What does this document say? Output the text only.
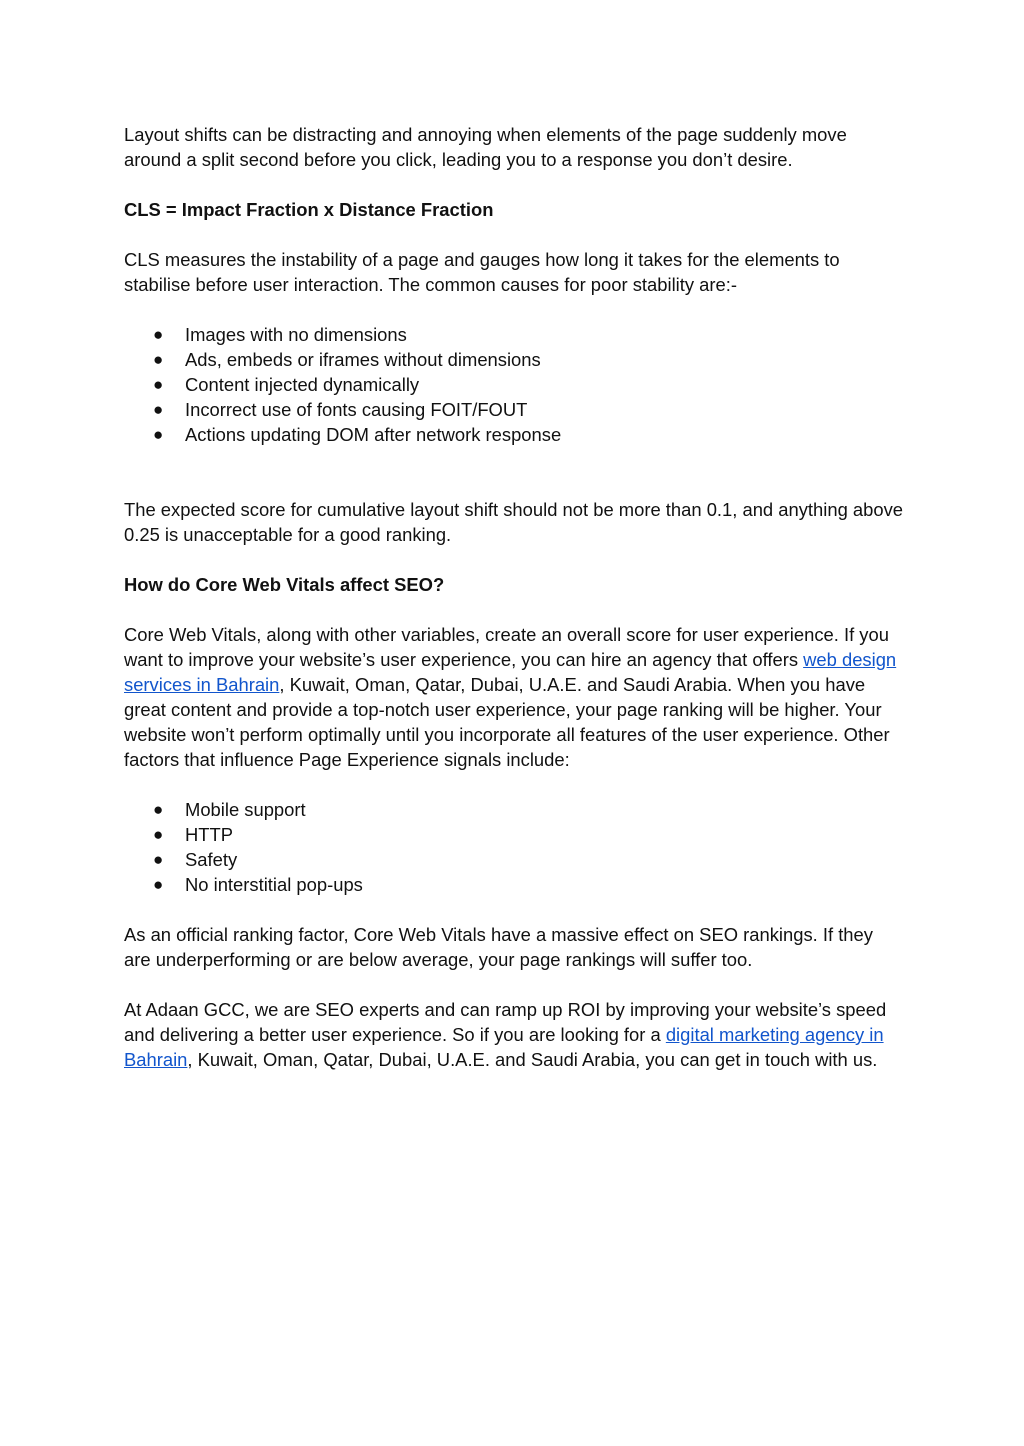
Layout shifts can be distracting and annoying when elements of the page suddenly move around a split second before you click, leading you to a response you don’t desire.

CLS = Impact Fraction x Distance Fraction

CLS measures the instability of a page and gauges how long it takes for the elements to stabilise before user interaction. The common causes for poor stability are:-

● Images with no dimensions
● Ads, embeds or iframes without dimensions
● Content injected dynamically
● Incorrect use of fonts causing FOIT/FOUT
● Actions updating DOM after network response

The expected score for cumulative layout shift should not be more than 0.1, and anything above 0.25 is unacceptable for a good ranking.

How do Core Web Vitals affect SEO?

Core Web Vitals, along with other variables, create an overall score for user experience. If you want to improve your website’s user experience, you can hire an agency that offers web design services in Bahrain, Kuwait, Oman, Qatar, Dubai, U.A.E. and Saudi Arabia. When you have great content and provide a top-notch user experience, your page ranking will be higher. Your website won’t perform optimally until you incorporate all features of the user experience. Other factors that influence Page Experience signals include:

● Mobile support
● HTTP
● Safety
● No interstitial pop-ups

As an official ranking factor, Core Web Vitals have a massive effect on SEO rankings. If they are underperforming or are below average, your page rankings will suffer too.

At Adaan GCC, we are SEO experts and can ramp up ROI by improving your website’s speed and delivering a better user experience. So if you are looking for a digital marketing agency in Bahrain, Kuwait, Oman, Qatar, Dubai, U.A.E. and Saudi Arabia, you can get in touch with us.
